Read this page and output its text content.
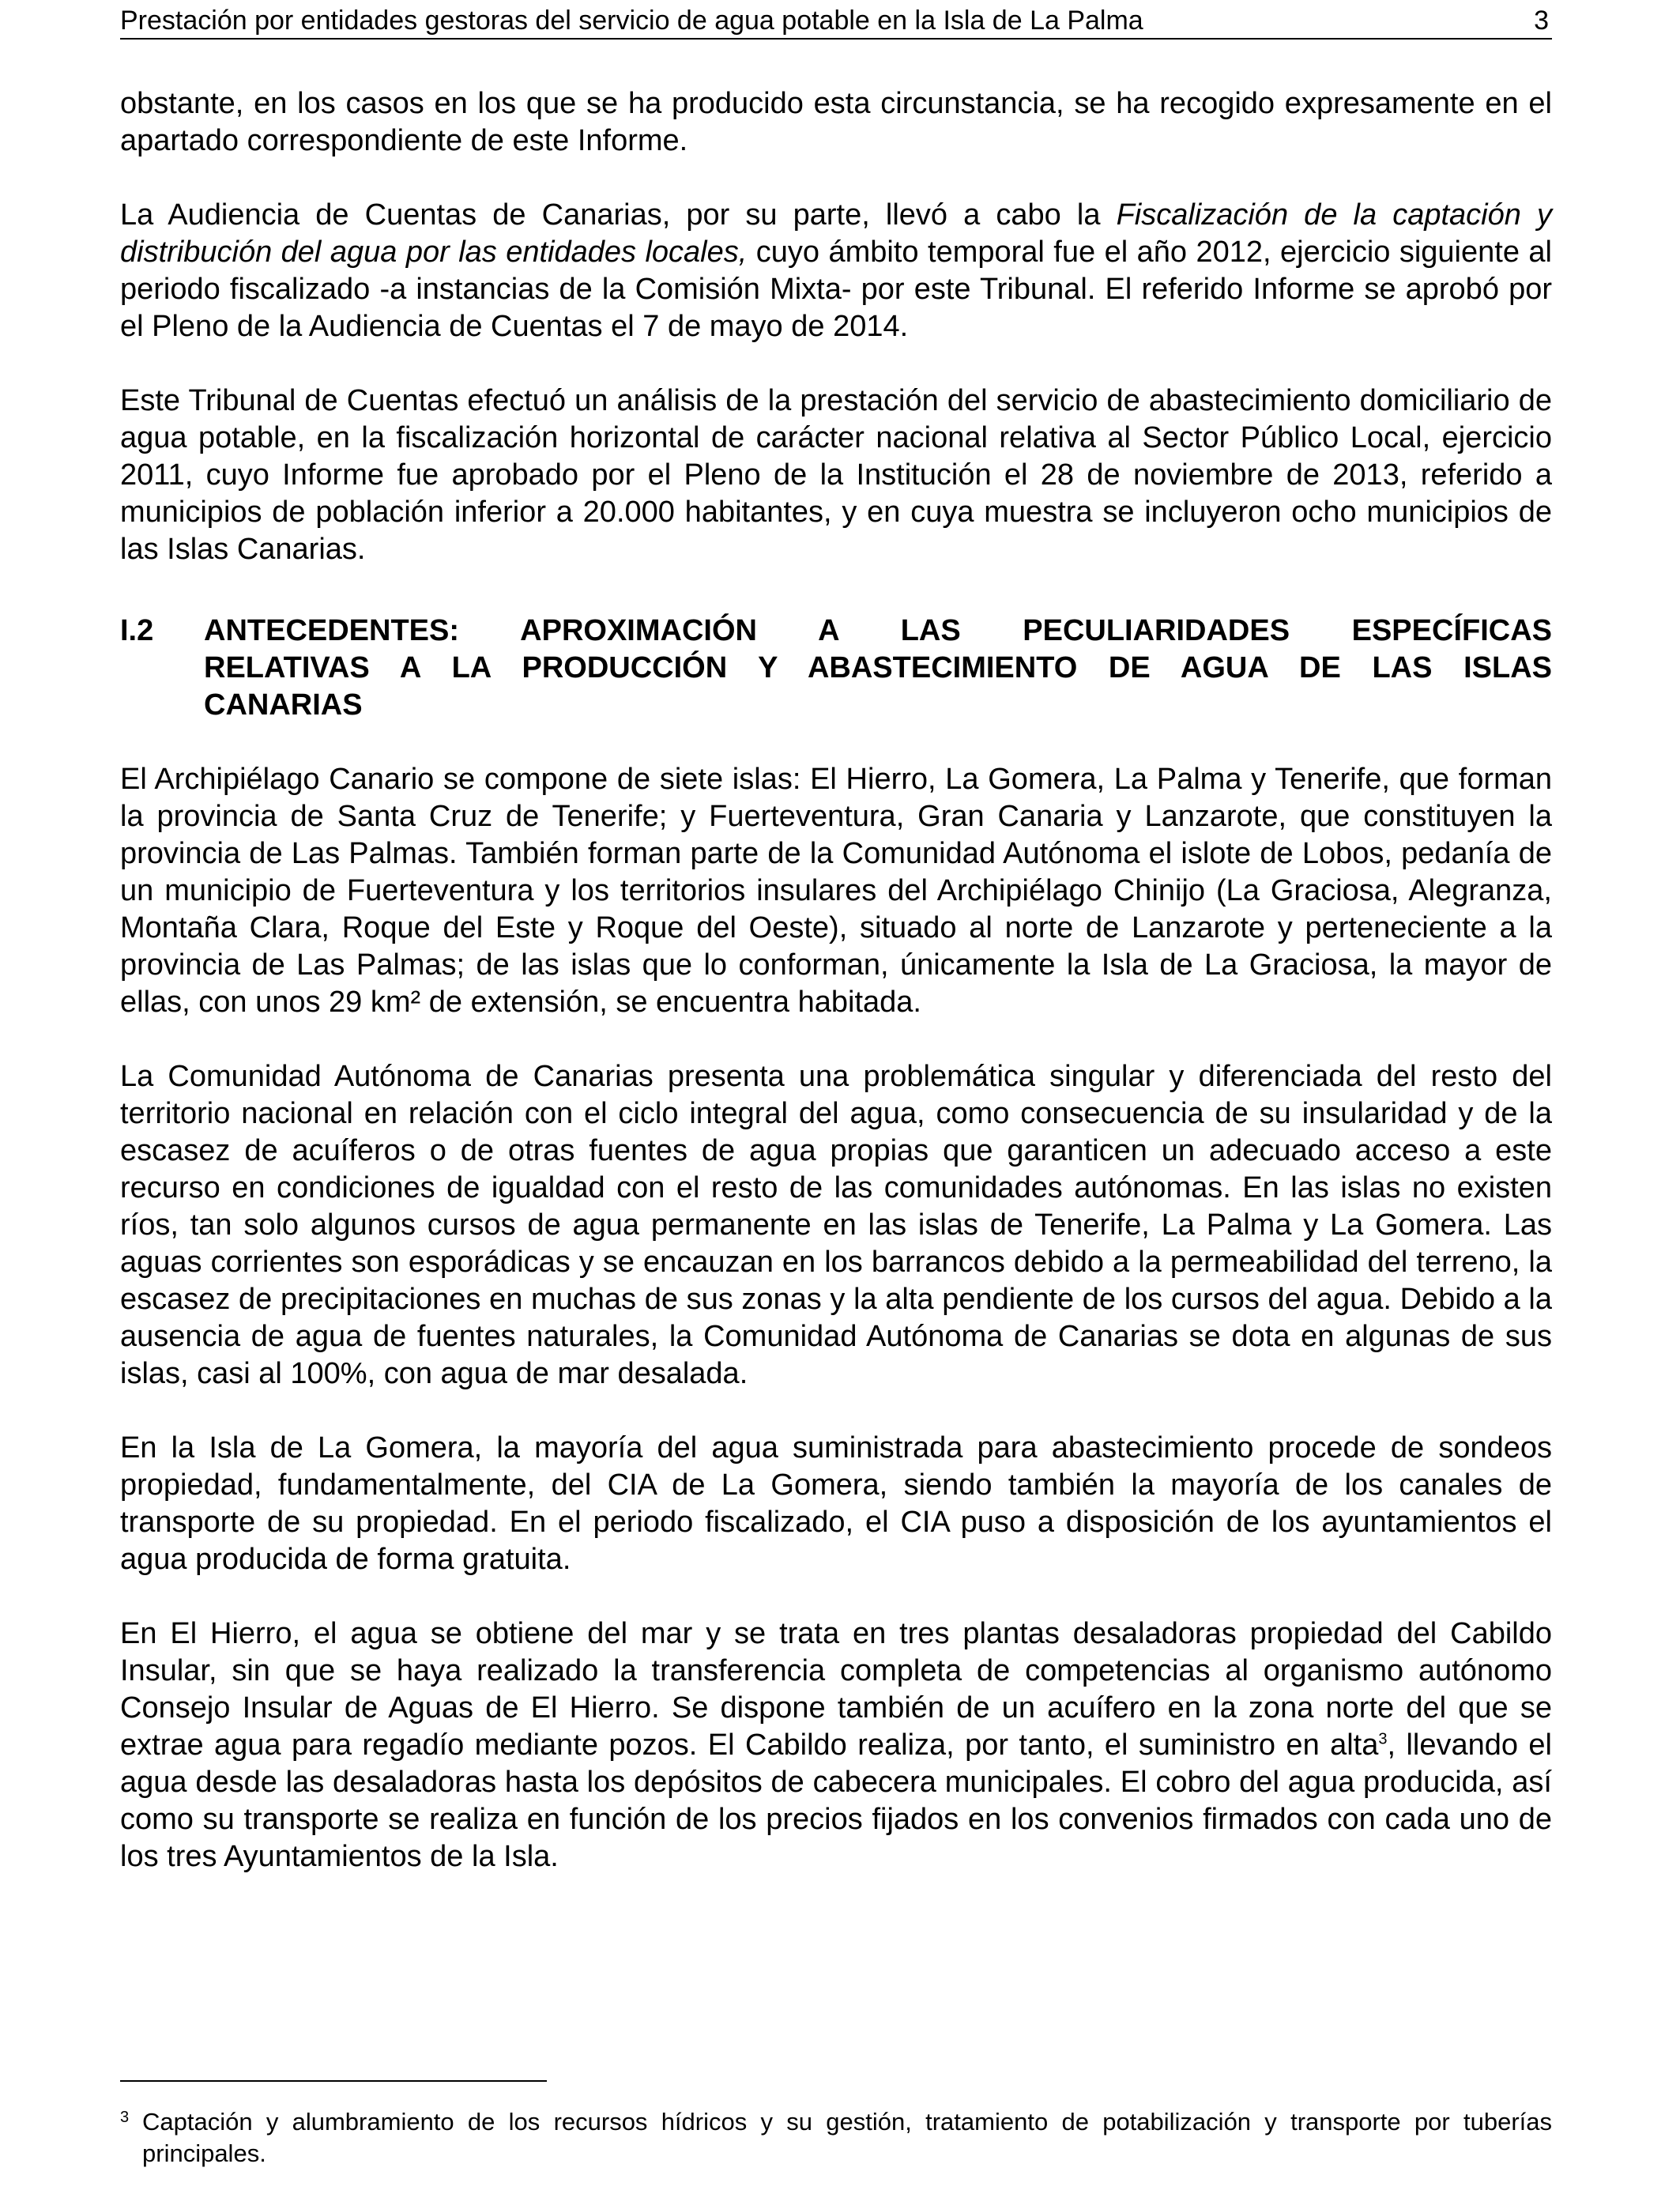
Prestación por entidades gestoras del servicio de agua potable en la Isla de La Palma	3

obstante, en los casos en los que se ha producido esta circunstancia, se ha recogido expresamente en el apartado correspondiente de este Informe.

La Audiencia de Cuentas de Canarias, por su parte, llevó a cabo la Fiscalización de la captación y distribución del agua por las entidades locales, cuyo ámbito temporal fue el año 2012, ejercicio siguiente al periodo fiscalizado -a instancias de la Comisión Mixta- por este Tribunal. El referido Informe se aprobó por el Pleno de la Audiencia de Cuentas el 7 de mayo de 2014.

Este Tribunal de Cuentas efectuó un análisis de la prestación del servicio de abastecimiento domiciliario de agua potable, en la fiscalización horizontal de carácter nacional relativa al Sector Público Local, ejercicio 2011, cuyo Informe fue aprobado por el Pleno de la Institución el 28 de noviembre de 2013, referido a municipios de población inferior a 20.000 habitantes, y en cuya muestra se incluyeron ocho municipios de las Islas Canarias.

I.2	ANTECEDENTES: APROXIMACIÓN A LAS PECULIARIDADES ESPECÍFICAS
RELATIVAS A LA PRODUCCIÓN Y ABASTECIMIENTO DE AGUA DE LAS ISLAS
CANARIAS

El Archipiélago Canario se compone de siete islas: El Hierro, La Gomera, La Palma y Tenerife, que forman la provincia de Santa Cruz de Tenerife; y Fuerteventura, Gran Canaria y Lanzarote, que constituyen la provincia de Las Palmas. También forman parte de la Comunidad Autónoma el islote de Lobos, pedanía de un municipio de Fuerteventura y los territorios insulares del Archipiélago Chinijo (La Graciosa, Alegranza, Montaña Clara, Roque del Este y Roque del Oeste), situado al norte de Lanzarote y perteneciente a la provincia de Las Palmas; de las islas que lo conforman, únicamente la Isla de La Graciosa, la mayor de ellas, con unos 29 km² de extensión, se encuentra habitada.

La Comunidad Autónoma de Canarias presenta una problemática singular y diferenciada del resto del territorio nacional en relación con el ciclo integral del agua, como consecuencia de su insularidad y de la escasez de acuíferos o de otras fuentes de agua propias que garanticen un adecuado acceso a este recurso en condiciones de igualdad con el resto de las comunidades autónomas. En las islas no existen ríos, tan solo algunos cursos de agua permanente en las islas de Tenerife, La Palma y La Gomera. Las aguas corrientes son esporádicas y se encauzan en los barrancos debido a la permeabilidad del terreno, la escasez de precipitaciones en muchas de sus zonas y la alta pendiente de los cursos del agua. Debido a la ausencia de agua de fuentes naturales, la Comunidad Autónoma de Canarias se dota en algunas de sus islas, casi al 100%, con agua de mar desalada.

En la Isla de La Gomera, la mayoría del agua suministrada para abastecimiento procede de sondeos propiedad, fundamentalmente, del CIA de La Gomera, siendo también la mayoría de los canales de transporte de su propiedad. En el periodo fiscalizado, el CIA puso a disposición de los ayuntamientos el agua producida de forma gratuita.

En El Hierro, el agua se obtiene del mar y se trata en tres plantas desaladoras propiedad del Cabildo Insular, sin que se haya realizado la transferencia completa de competencias al organismo autónomo Consejo Insular de Aguas de El Hierro. Se dispone también de un acuífero en la zona norte del que se extrae agua para regadío mediante pozos. El Cabildo realiza, por tanto, el suministro en alta$^3$, llevando el agua desde las desaladoras hasta los depósitos de cabecera municipales. El cobro del agua producida, así como su transporte se realiza en función de los precios fijados en los convenios firmados con cada uno de los tres Ayuntamientos de la Isla.

3 Captación y alumbramiento de los recursos hídricos y su gestión, tratamiento de potabilización y transporte por tuberías principales.
